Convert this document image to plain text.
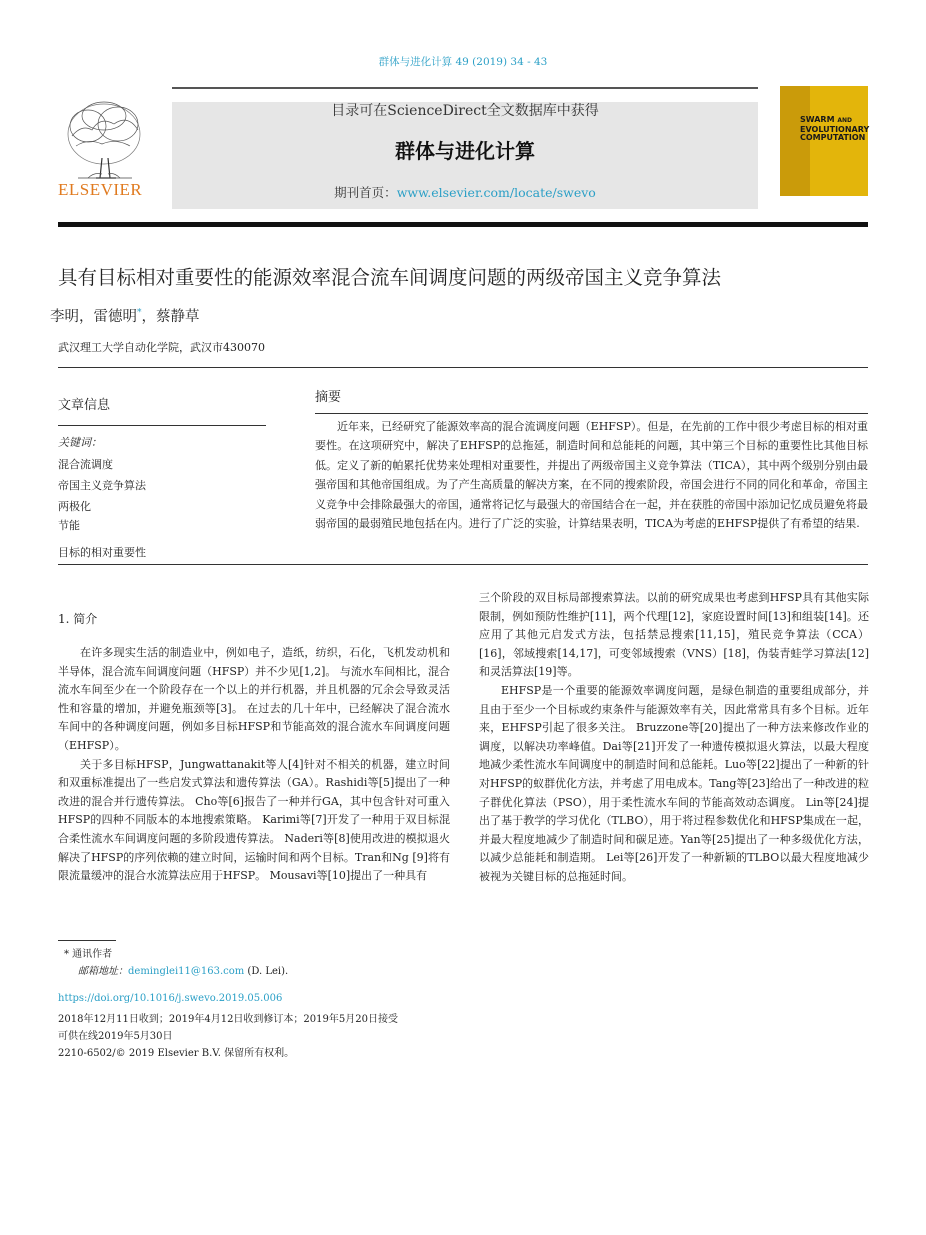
群体与进化计算 49 (2019) 34 - 43
ELSEVIER
目录可在ScienceDirect全文数据库中获得
群体与进化计算
期刊首页：www.elsevier.com/locate/swevo
SWARM AND
EVOLUTIONARY
COMPUTATION
具有目标相对重要性的能源效率混合流车间调度问题的两级帝国主义竞争算法
李明，雷德明*，蔡静草
武汉理工大学自动化学院，武汉市430070
文章信息
关键词：
混合流调度
帝国主义竞争算法
两极化
节能
目标的相对重要性
摘要
近年来，已经研究了能源效率高的混合流调度问题（EHFSP）。但是，在先前的工作中很少考虑目标的相对重要性。在这项研究中，解决了EHFSP的总拖延，制造时间和总能耗的问题，其中第三个目标的重要性比其他目标低。定义了新的帕累托优势来处理相对重要性，并提出了两级帝国主义竞争算法（TICA），其中两个级别分别由最强帝国和其他帝国组成。为了产生高质量的解决方案，在不同的搜索阶段，帝国会进行不同的同化和革命，帝国主义竞争中会排除最强大的帝国，通常将记忆与最强大的帝国结合在一起，并在获胜的帝国中添加记忆成员避免将最弱帝国的最弱殖民地包括在内。进行了广泛的实验，计算结果表明，TICA为考虑的EHFSP提供了有希望的结果.
1. 简介

在许多现实生活的制造业中，例如电子，造纸，纺织，石化，飞机发动机和半导体，混合流车间调度问题（HFSP）并不少见[1,2]。 与流水车间相比，混合流水车间至少在一个阶段存在一个以上的并行机器，并且机器的冗余会导致灵活性和容量的增加，并避免瓶颈等[3]。 在过去的几十年中，已经解决了混合流水车间中的各种调度问题，例如多目标HFSP和节能高效的混合流水车间调度问题（EHFSP）。

关于多目标HFSP，Jungwattanakit等人[4]针对不相关的机器，建立时间和双重标准提出了一些启发式算法和遗传算法（GA）。Rashidi等[5]提出了一种改进的混合并行遗传算法。 Cho等[6]报告了一种并行GA，其中包含针对可重入HFSP的四种不同版本的本地搜索策略。 Karimi等[7]开发了一种用于双目标混合柔性流水车间调度问题的多阶段遗传算法。 Naderi等[8]使用改进的模拟退火解决了HFSP的序列依赖的建立时间，运输时间和两个目标。Tran和Ng [9]将有限流量缓冲的混合水流算法应用于HFSP。 Mousavi等[10]提出了一种具有

三个阶段的双目标局部搜索算法。以前的研究成果也考虑到HFSP具有其他实际限制，例如预防性维护[11]，两个代理[12]，家庭设置时间[13]和组装[14]。还应用了其他元启发式方法，包括禁忌搜索[11,15]，殖民竞争算法（CCA）[16]，邻域搜索[14,17]，可变邻域搜索（VNS）[18]，伪装青蛙学习算法[12]和灵活算法[19]等。

EHFSP是一个重要的能源效率调度问题，是绿色制造的重要组成部分，并且由于至少一个目标或约束条件与能源效率有关，因此常常具有多个目标。近年来，EHFSP引起了很多关注。 Bruzzone等[20]提出了一种方法来修改作业的调度，以解决功率峰值。Dai等[21]开发了一种遗传模拟退火算法，以最大程度地减少柔性流水车间调度中的制造时间和总能耗。Luo等[22]提出了一种新的针对HFSP的蚁群优化方法，并考虑了用电成本。Tang等[23]给出了一种改进的粒子群优化算法（PSO），用于柔性流水车间的节能高效动态调度。 Lin等[24]提出了基于教学的学习优化（TLBO），用于将过程参数优化和HFSP集成在一起，并最大程度地减少了制造时间和碳足迹。Yan等[25]提出了一种多级优化方法，以减少总能耗和制造期。 Lei等[26]开发了一种新颖的TLBO以最大程度地减少被视为关键目标的总拖延时间。

* 通讯作者
邮箱地址：deminglei11@163.com (D. Lei).
https://doi.org/10.1016/j.swevo.2019.05.006
2018年12月11日收到；2019年4月12日收到修订本；2019年5月20日接受
可供在线2019年5月30日
2210-6502/© 2019 Elsevier B.V. 保留所有权利。
